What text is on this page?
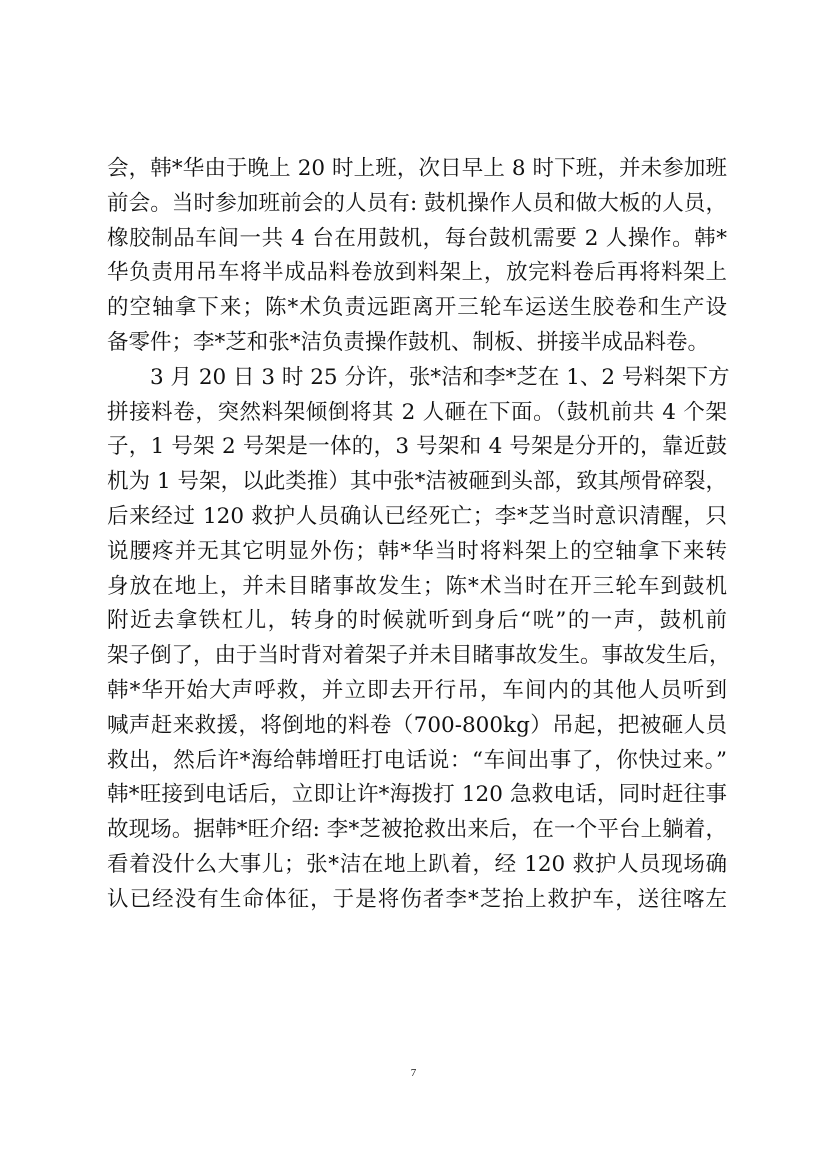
会，韩*华由于晚上 20 时上班，次日早上 8 时下班，并未参加班
前会。当时参加班前会的人员有: 鼓机操作人员和做大板的人员，
橡胶制品车间一共 4 台在用鼓机，每台鼓机需要 2 人操作。韩*
华负责用吊车将半成品料卷放到料架上，放完料卷后再将料架上
的空轴拿下来；陈*术负责远距离开三轮车运送生胶卷和生产设
备零件；李*芝和张*洁负责操作鼓机、制板、拼接半成品料卷。
3 月 20 日 3 时 25 分许，张*洁和李*芝在 1、2 号料架下方
拼接料卷，突然料架倾倒将其 2 人砸在下面。（鼓机前共 4 个架
子，1 号架 2 号架是一体的，3 号架和 4 号架是分开的，靠近鼓
机为 1 号架，以此类推）其中张*洁被砸到头部，致其颅骨碎裂，
后来经过 120 救护人员确认已经死亡；李*芝当时意识清醒，只
说腰疼并无其它明显外伤；韩*华当时将料架上的空轴拿下来转
身放在地上，并未目睹事故发生；陈*术当时在开三轮车到鼓机
附近去拿铁杠儿，转身的时候就听到身后“咣”的一声，鼓机前
架子倒了，由于当时背对着架子并未目睹事故发生。事故发生后，
韩*华开始大声呼救，并立即去开行吊，车间内的其他人员听到
喊声赶来救援，将倒地的料卷（700-800kg）吊起，把被砸人员
救出，然后许*海给韩增旺打电话说：“车间出事了，你快过来。”
韩*旺接到电话后，立即让许*海拨打 120 急救电话，同时赶往事
故现场。据韩*旺介绍: 李*芝被抢救出来后，在一个平台上躺着，
看着没什么大事儿；张*洁在地上趴着，经 120 救护人员现场确
认已经没有生命体征，于是将伤者李*芝抬上救护车，送往喀左
7
